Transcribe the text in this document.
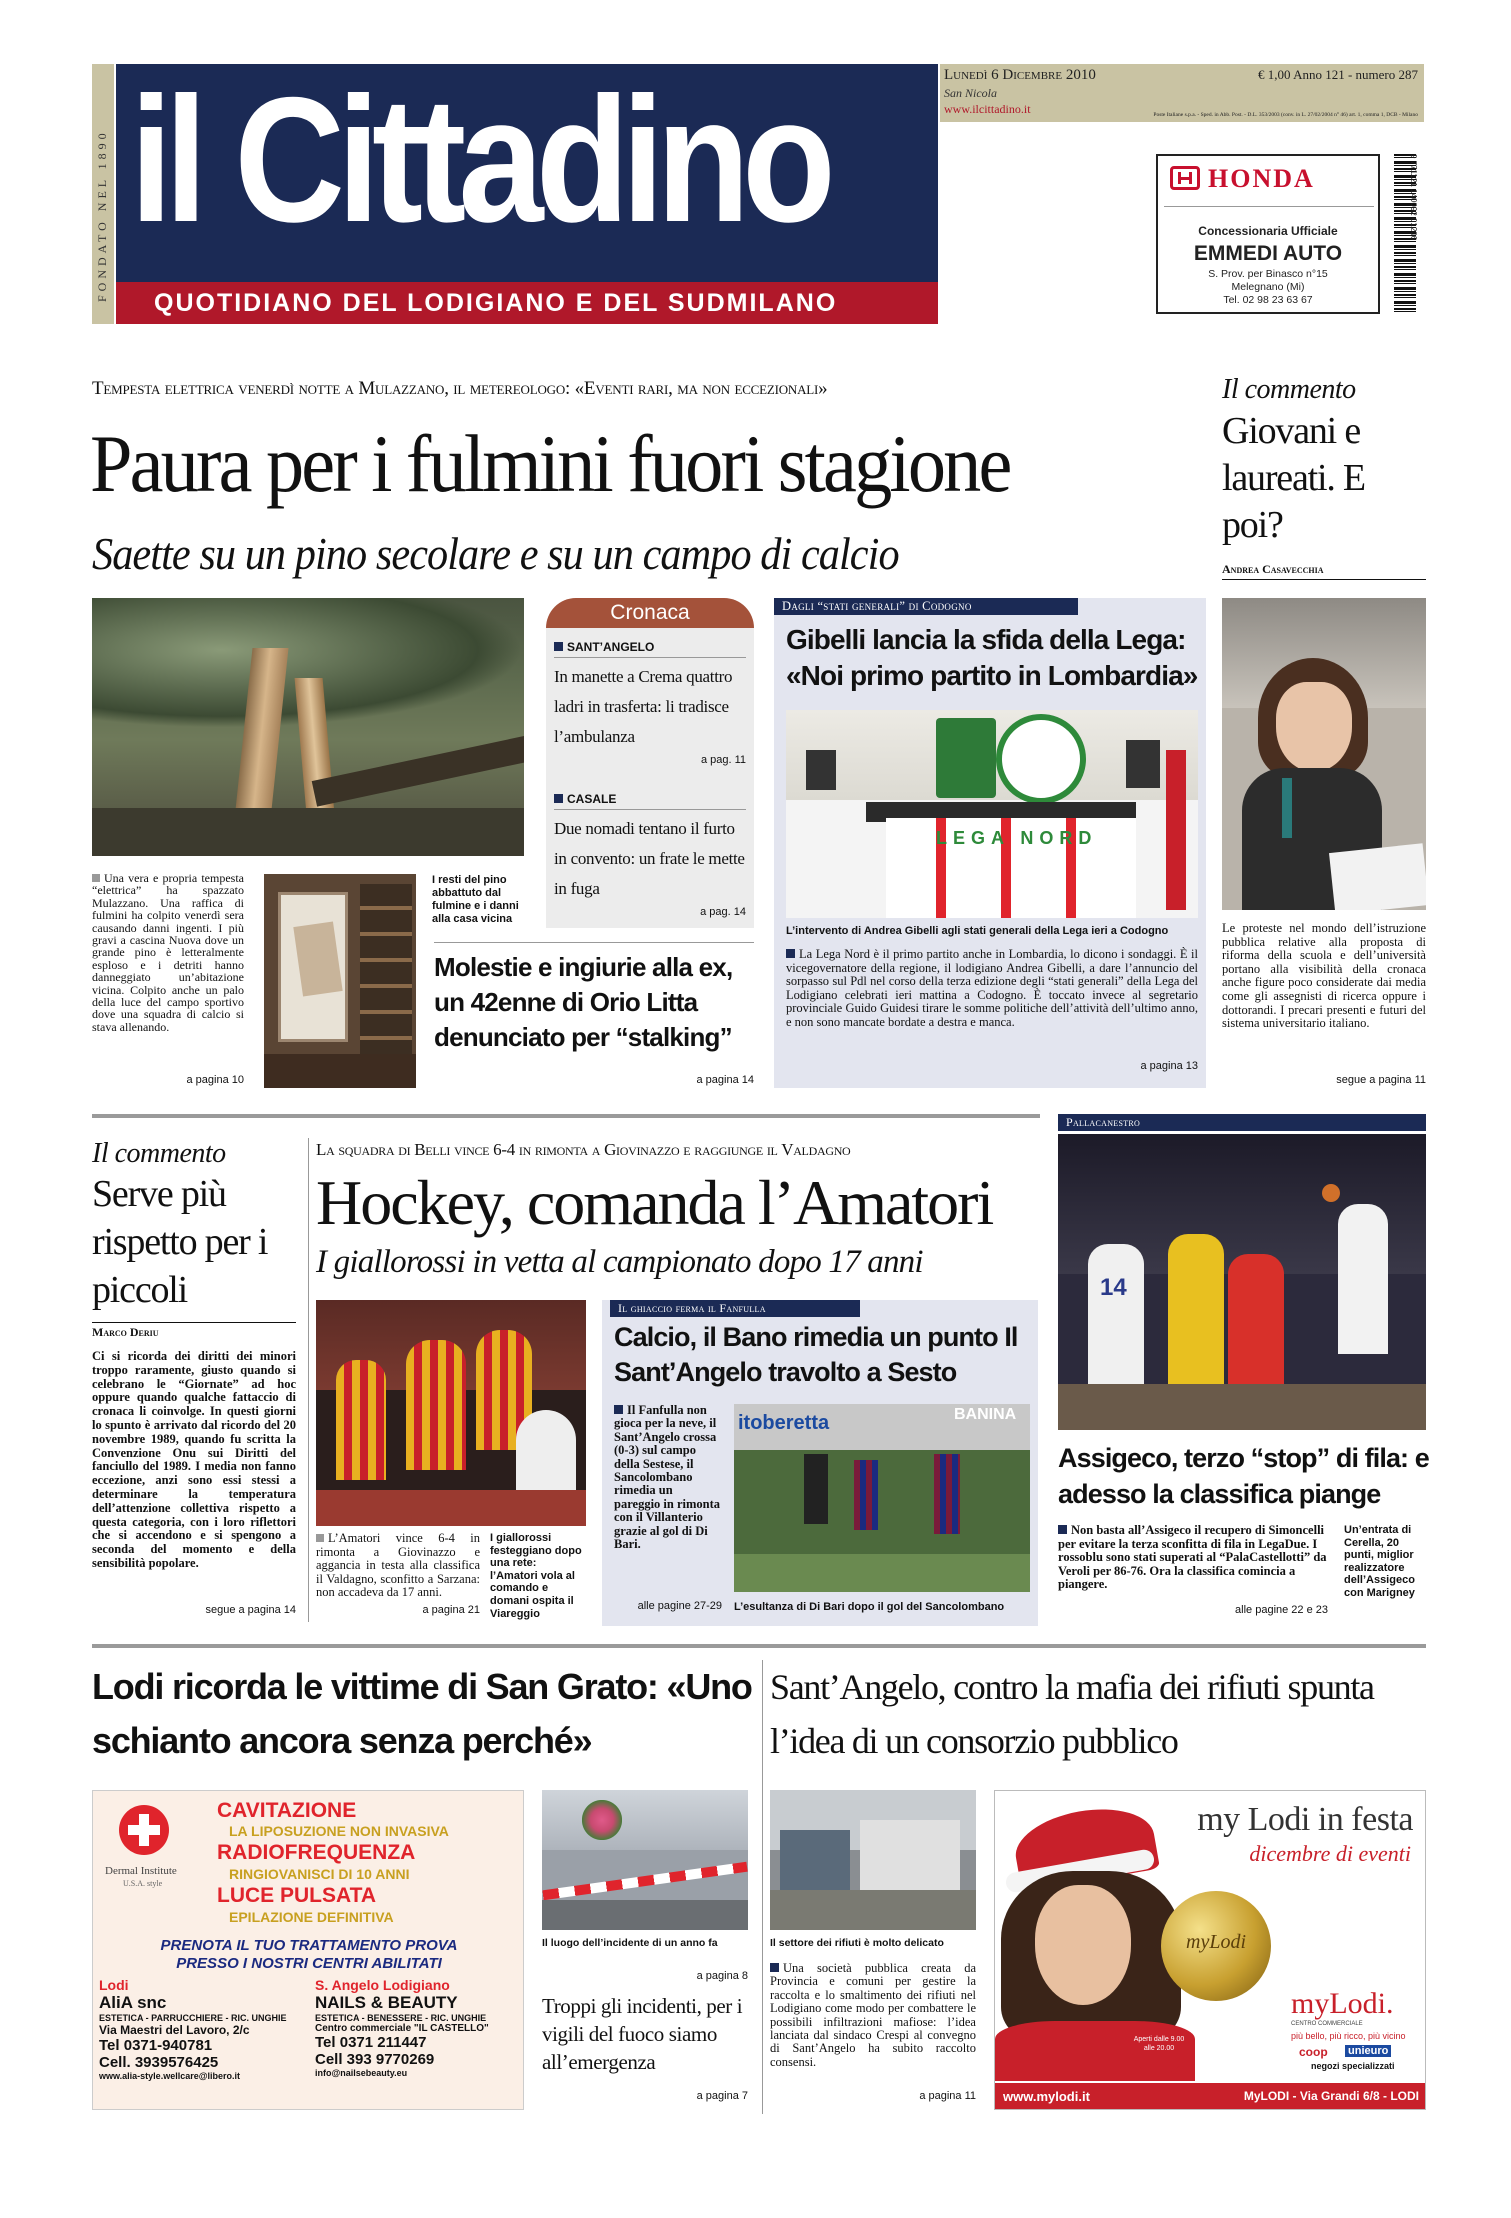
FONDATO NEL 1890 il Cittadino
QUOTIDIANO DEL LODIGIANO E DEL SUDMILANO
Lunedì 6 Dicembre 2010
San Nicola
www.ilcittadino.it
€ 1,00 Anno 121 - numero 287
Poste Italiane s.p.a. - Sped. in Abb. Post. - D.L. 353/2003 (conv. in L. 27/02/2004 n° 46) art. 1, comma 1, DCB - Milano
HONDA
Concessionaria Ufficiale
EMMEDI AUTO
S. Prov. per Binasco n°15
Melegnano (Mi)
Tel. 02 98 23 63 67
9 771121 140092 01206
Tempesta elettrica venerdì notte a Mulazzano, il metereologo: «Eventi rari, ma non eccezionali»
Paura per i fulmini fuori stagione
Saette su un pino secolare e su un campo di calcio
Una vera e propria tempesta “elettrica” ha spazzato Mulazzano. Una raffica di fulmini ha colpito venerdì sera causando danni ingenti. I più gravi a cascina Nuova dove un grande pino è letteralmente esploso e i detriti hanno danneggiato un’abitazione vicina. Colpito anche un palo della luce del campo sportivo dove una squadra di calcio si stava allenando.
a pagina 10
I resti del pino abbattuto dal fulmine e i danni alla casa vicina
Cronaca
SANT’ANGELO
In manette a Crema quattro ladri in trasferta: li tradisce l’ambulanza
a pag. 11
CASALE
Due nomadi tentano il furto in convento: un frate le mette in fuga
a pag. 14
Molestie e ingiurie alla ex, un 42enne di Orio Litta denunciato per “stalking”
a pagina 14
Dagli “stati generali” di Codogno
Gibelli lancia la sfida della Lega: «Noi primo partito in Lombardia»
LEGA NORD
L’intervento di Andrea Gibelli agli stati generali della Lega ieri a Codogno
La Lega Nord è il primo partito anche in Lombardia, lo dicono i sondaggi. È il vicegovernatore della regione, il lodigiano Andrea Gibelli, a dare l’annuncio del sorpasso sul Pdl nel corso della terza edizione degli “stati generali” della Lega del Lodigiano celebrati ieri mattina a Codogno. È toccato invece al segretario provinciale Guido Guidesi tirare le somme politiche dell’attività dell’ultimo anno, e non sono mancate bordate a destra e manca.
a pagina 13
Il commento
Giovani e laureati. E poi?
Andrea Casavecchia
Le proteste nel mondo dell’istruzione pubblica relative alla proposta di riforma della scuola e dell’università portano alla visibilità della cronaca anche figure poco considerate dai media come gli assegnisti di ricerca oppure i dottorandi. I precari presenti e futuri del sistema universitario italiano.
segue a pagina 11
Il commento
Serve più rispetto per i piccoli
Marco Deriu
Ci si ricorda dei diritti dei minori troppo raramente, giusto quando si celebrano le “Giornate” ad hoc oppure quando qualche fattaccio di cronaca li coinvolge. In questi giorni lo spunto è arrivato dal ricordo del 20 novembre 1989, quando fu scritta la Convenzione Onu sui Diritti del fanciullo del 1989. I media non fanno eccezione, anzi sono essi stessi a determinare la temperatura dell’attenzione collettiva rispetto a questa categoria, con i loro riflettori che si accendono e si spengono a seconda del momento e della sensibilità popolare.
segue a pagina 14
La squadra di Belli vince 6-4 in rimonta a Giovinazzo e raggiunge il Valdagno
Hockey, comanda l’Amatori
I giallorossi in vetta al campionato dopo 17 anni
L’Amatori vince 6-4 in rimonta a Giovinazzo e aggancia in testa alla classifica il Valdagno, sconfitto a Sarzana: non accadeva da 17 anni.
a pagina 21
I giallorossi festeggiano dopo una rete: l’Amatori vola al comando e domani ospita il Viareggio
Il ghiaccio ferma il Fanfulla
Calcio, il Bano rimedia un punto Il Sant’Angelo travolto a Sesto
Il Fanfulla non gioca per la neve, il Sant’Angelo crossa (0-3) sul campo della Sestese, il Sancolombano rimedia un pareggio in rimonta con il Villanterio grazie al gol di Di Bari.
alle pagine 27-29
itoberetta	BANINA
L’esultanza di Di Bari dopo il gol del Sancolombano
Pallacanestro
14
Assigeco, terzo “stop” di fila: e adesso la classifica piange
Non basta all’Assigeco il recupero di Simoncelli per evitare la terza sconfitta di fila in LegaDue. I rossoblu sono stati superati al “PalaCastellotti” da Veroli per 86-76. Ora la classifica comincia a piangere.
Un’entrata di Cerella, 20 punti, miglior realizzatore dell’Assigeco con Marigney
alle pagine 22 e 23
Lodi ricorda le vittime di San Grato: «Uno schianto ancora senza perché»
Dermal Institute
U.S.A. style
CAVITAZIONE
LA LIPOSUZIONE NON INVASIVA
RADIOFREQUENZA
RINGIOVANISCI DI 10 ANNI
LUCE PULSATA
EPILAZIONE DEFINITIVA
PRENOTA IL TUO TRATTAMENTO PROVA
PRESSO I NOSTRI CENTRI ABILITATI
Lodi
AliA snc
ESTETICA - PARRUCCHIERE - RIC. UNGHIE
Via Maestri del Lavoro, 2/c
Tel 0371-940781
Cell. 3939576425
www.alia-style.wellcare@libero.it
S. Angelo Lodigiano
NAILS & BEAUTY
ESTETICA - BENESSERE - RIC. UNGHIE
Centro commerciale "IL CASTELLO"
Tel 0371 211447
Cell 393 9770269
info@nailsebeauty.eu
Il luogo dell’incidente di un anno fa
a pagina 8
Troppi gli incidenti, per i vigili del fuoco siamo all’emergenza
a pagina 7
Sant’Angelo, contro la mafia dei rifiuti spunta l’idea di un consorzio pubblico
Il settore dei rifiuti è molto delicato
Una società pubblica creata da Provincia e comuni per gestire la raccolta e lo smaltimento dei rifiuti nel Lodigiano come modo per combattere le possibili infiltrazioni mafiose: l’idea lanciata dal sindaco Crespi al convegno di Sant’Angelo ha subito raccolto consensi.
a pagina 11
my Lodi in festa
dicembre di eventi
myLodi
myLodi.
CENTRO COMMERCIALE
più bello, più ricco, più vicino
coop unieuro
negozi specializzati
Aperti dalle 9.00 alle 20.00
www.mylodi.it	MyLODI - Via Grandi 6/8 - LODI
